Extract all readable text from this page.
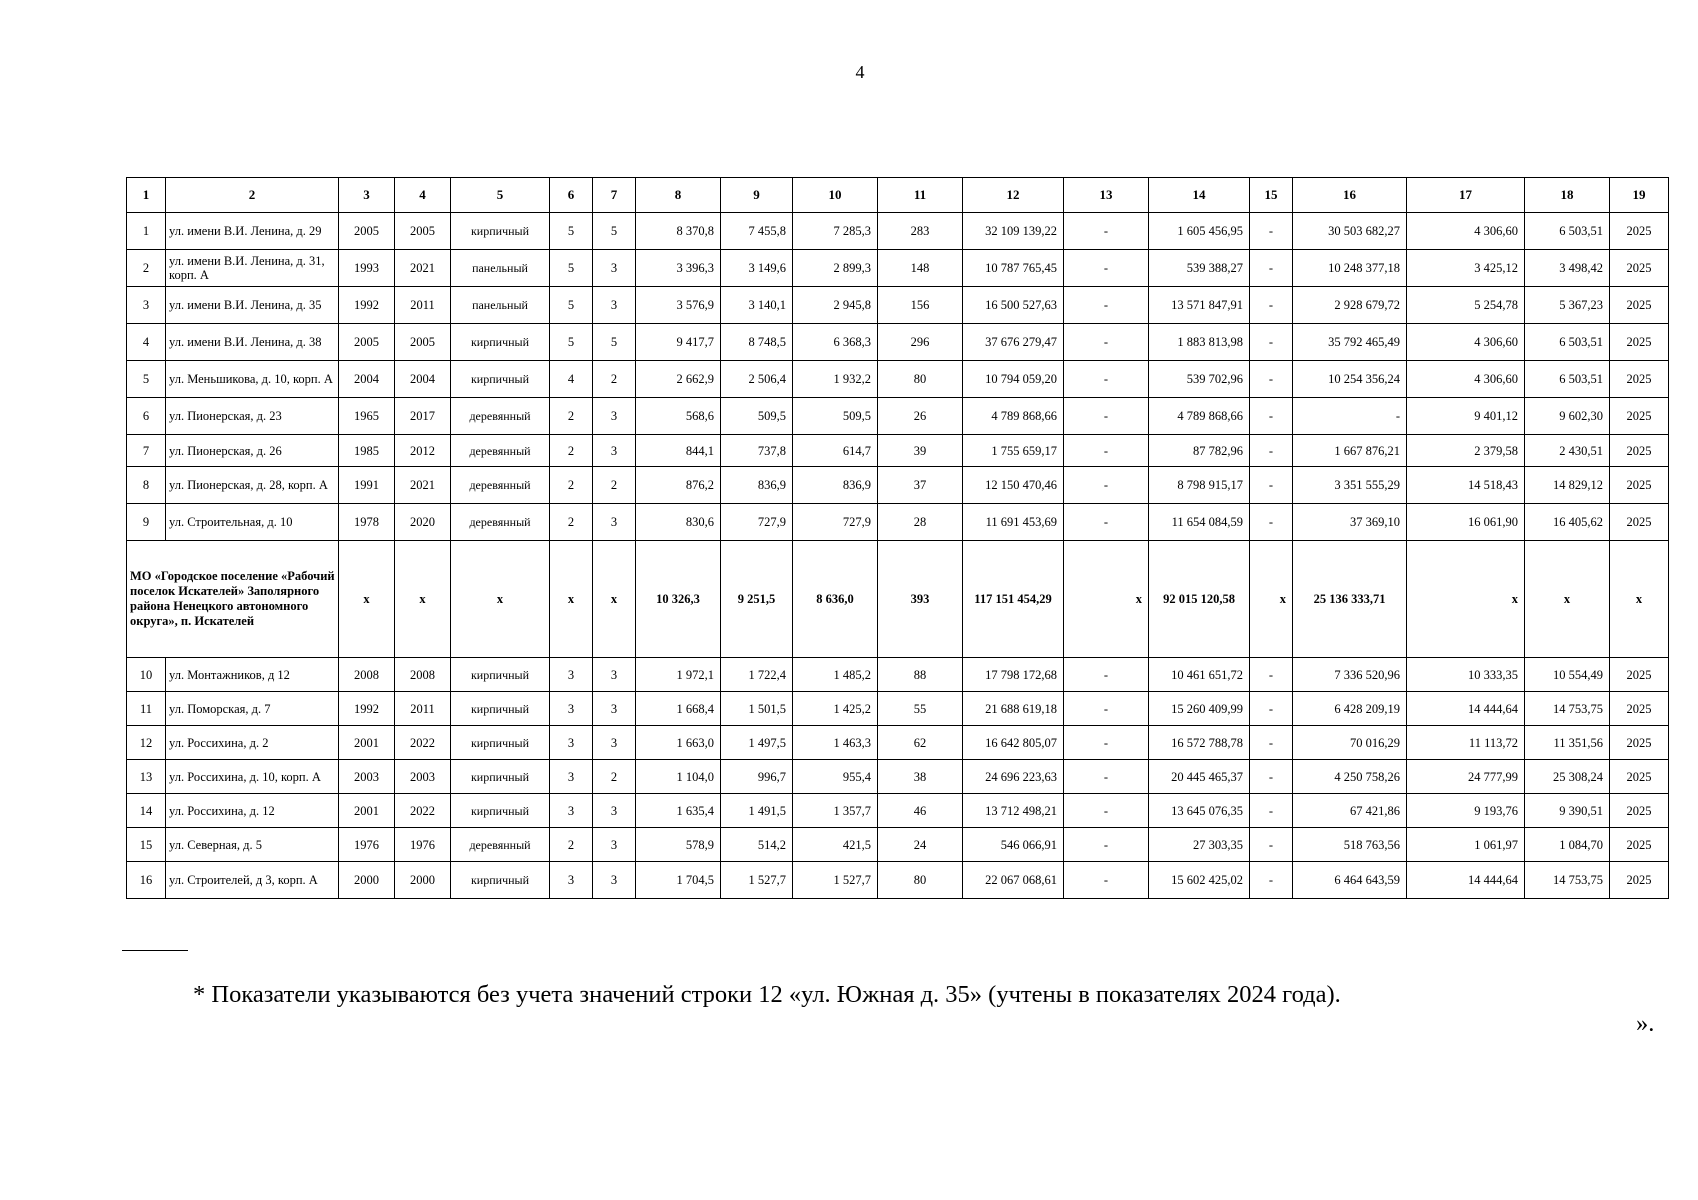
4
1	2	3	4	5	6	7	8	9	10	11	12	13	14	15	16	17	18	19
1	ул. имени В.И. Ленина, д. 29	2005	2005	кирпичный	5	5	8 370,8	7 455,8	7 285,3	283	32 109 139,22	-	1 605 456,95	-	30 503 682,27	4 306,60	6 503,51	2025
2	ул. имени В.И. Ленина, д. 31, корп. А	1993	2021	панельный	5	3	3 396,3	3 149,6	2 899,3	148	10 787 765,45	-	539 388,27	-	10 248 377,18	3 425,12	3 498,42	2025
3	ул. имени В.И. Ленина, д. 35	1992	2011	панельный	5	3	3 576,9	3 140,1	2 945,8	156	16 500 527,63	-	13 571 847,91	-	2 928 679,72	5 254,78	5 367,23	2025
4	ул. имени В.И. Ленина, д. 38	2005	2005	кирпичный	5	5	9 417,7	8 748,5	6 368,3	296	37 676 279,47	-	1 883 813,98	-	35 792 465,49	4 306,60	6 503,51	2025
5	ул. Меньшикова, д. 10, корп. А	2004	2004	кирпичный	4	2	2 662,9	2 506,4	1 932,2	80	10 794 059,20	-	539 702,96	-	10 254 356,24	4 306,60	6 503,51	2025
6	ул. Пионерская, д. 23	1965	2017	деревянный	2	3	568,6	509,5	509,5	26	4 789 868,66	-	4 789 868,66	-	-	9 401,12	9 602,30	2025
7	ул. Пионерская, д. 26	1985	2012	деревянный	2	3	844,1	737,8	614,7	39	1 755 659,17	-	87 782,96	-	1 667 876,21	2 379,58	2 430,51	2025
8	ул. Пионерская, д. 28, корп. А	1991	2021	деревянный	2	2	876,2	836,9	836,9	37	12 150 470,46	-	8 798 915,17	-	3 351 555,29	14 518,43	14 829,12	2025
9	ул. Строительная, д. 10	1978	2020	деревянный	2	3	830,6	727,9	727,9	28	11 691 453,69	-	11 654 084,59	-	37 369,10	16 061,90	16 405,62	2025
МО «Городское поселение «Рабочий поселок Искателей» Заполярного района Ненецкого автономного округа», п. Искателей		х	х	х	х	х	10 326,3	9 251,5	8 636,0	393	117 151 454,29	х	92 015 120,58	х	25 136 333,71	х	х	х
10	ул. Монтажников, д 12	2008	2008	кирпичный	3	3	1 972,1	1 722,4	1 485,2	88	17 798 172,68	-	10 461 651,72	-	7 336 520,96	10 333,35	10 554,49	2025
11	ул. Поморская, д. 7	1992	2011	кирпичный	3	3	1 668,4	1 501,5	1 425,2	55	21 688 619,18	-	15 260 409,99	-	6 428 209,19	14 444,64	14 753,75	2025
12	ул. Россихина, д. 2	2001	2022	кирпичный	3	3	1 663,0	1 497,5	1 463,3	62	16 642 805,07	-	16 572 788,78	-	70 016,29	11 113,72	11 351,56	2025
13	ул. Россихина, д. 10, корп. А	2003	2003	кирпичный	3	2	1 104,0	996,7	955,4	38	24 696 223,63	-	20 445 465,37	-	4 250 758,26	24 777,99	25 308,24	2025
14	ул. Россихина, д. 12	2001	2022	кирпичный	3	3	1 635,4	1 491,5	1 357,7	46	13 712 498,21	-	13 645 076,35	-	67 421,86	9 193,76	9 390,51	2025
15	ул. Северная, д. 5	1976	1976	деревянный	2	3	578,9	514,2	421,5	24	546 066,91	-	27 303,35	-	518 763,56	1 061,97	1 084,70	2025
16	ул. Строителей, д 3, корп. А	2000	2000	кирпичный	3	3	1 704,5	1 527,7	1 527,7	80	22 067 068,61	-	15 602 425,02	-	6 464 643,59	14 444,64	14 753,75	2025
* Показатели указываются без учета значений строки 12 «ул. Южная д. 35» (учтены в показателях 2024 года).
».
